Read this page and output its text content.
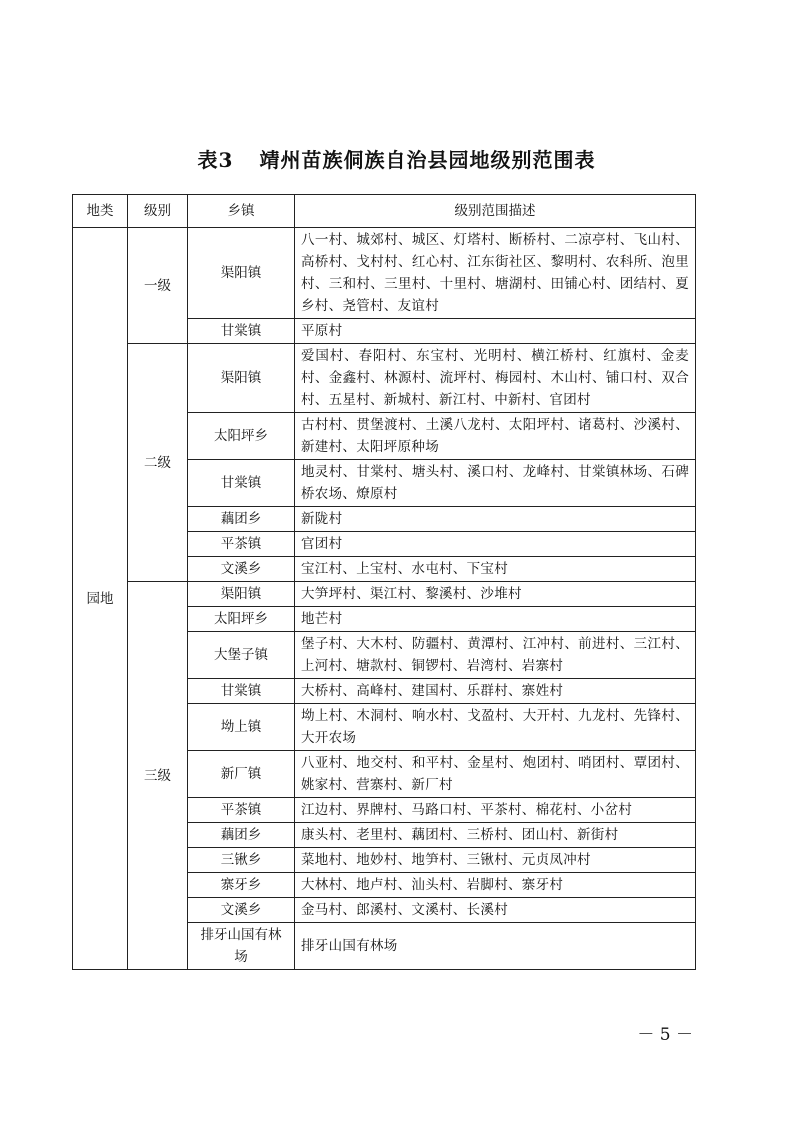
表3 靖州苗族侗族自治县园地级别范围表
地类	级别	乡镇	级别范围描述
园地	一级	渠阳镇	八一村、城郊村、城区、灯塔村、断桥村、二凉亭村、飞山村、高桥村、戈村村、红心村、江东街社区、黎明村、农科所、泡里村、三和村、三里村、十里村、塘湖村、田铺心村、团结村、夏乡村、尧管村、友谊村
		甘棠镇	平原村
	二级	渠阳镇	爱国村、春阳村、东宝村、光明村、横江桥村、红旗村、金麦村、金鑫村、林源村、流坪村、梅园村、木山村、铺口村、双合村、五星村、新城村、新江村、中新村、官团村
		太阳坪乡	古村村、贯堡渡村、土溪八龙村、太阳坪村、诸葛村、沙溪村、新建村、太阳坪原种场
		甘棠镇	地灵村、甘棠村、塘头村、溪口村、龙峰村、甘棠镇林场、石碑桥农场、燎原村
		藕团乡	新陇村
		平茶镇	官团村
		文溪乡	宝江村、上宝村、水屯村、下宝村
	三级	渠阳镇	大笋坪村、渠江村、黎溪村、沙堆村
		太阳坪乡	地芒村
		大堡子镇	堡子村、大木村、防疆村、黄潭村、江冲村、前进村、三江村、上河村、塘款村、铜锣村、岩湾村、岩寨村
		甘棠镇	大桥村、高峰村、建国村、乐群村、寨姓村
		坳上镇	坳上村、木洞村、响水村、戈盈村、大开村、九龙村、先锋村、大开农场
		新厂镇	八亚村、地交村、和平村、金星村、炮团村、哨团村、覃团村、姚家村、营寨村、新厂村
		平茶镇	江边村、界牌村、马路口村、平茶村、棉花村、小岔村
		藕团乡	康头村、老里村、藕团村、三桥村、团山村、新街村
		三锹乡	菜地村、地妙村、地笋村、三锹村、元贞凤冲村
		寨牙乡	大林村、地卢村、汕头村、岩脚村、寨牙村
		文溪乡	金马村、郎溪村、文溪村、长溪村
		排牙山国有林场	排牙山国有林场
－ 5 －
